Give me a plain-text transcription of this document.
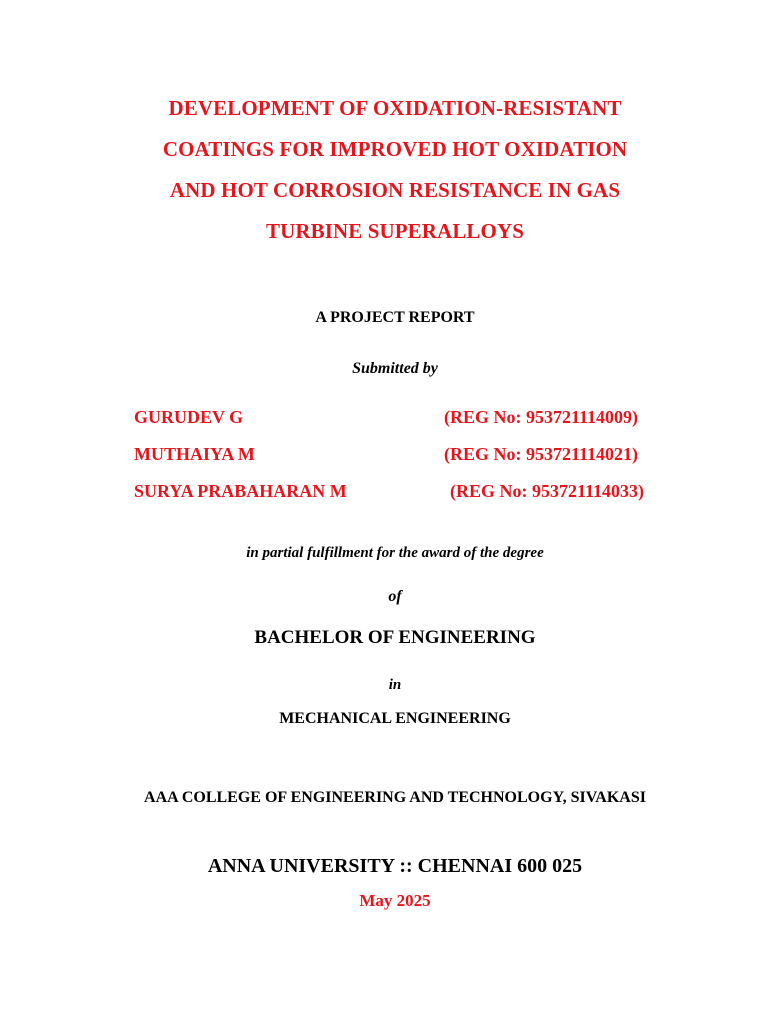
DEVELOPMENT OF OXIDATION-RESISTANT
COATINGS FOR IMPROVED HOT OXIDATION
AND HOT CORROSION RESISTANCE IN GAS
TURBINE SUPERALLOYS
A PROJECT REPORT
Submitted by
GURUDEV G	(REG No: 953721114009)
MUTHAIYA M	(REG No: 953721114021)
SURYA PRABAHARAN M	(REG No: 953721114033)
in partial fulfillment for the award of the degree
of
BACHELOR OF ENGINEERING
in
MECHANICAL ENGINEERING
AAA COLLEGE OF ENGINEERING AND TECHNOLOGY, SIVAKASI
ANNA UNIVERSITY :: CHENNAI 600 025
May 2025
